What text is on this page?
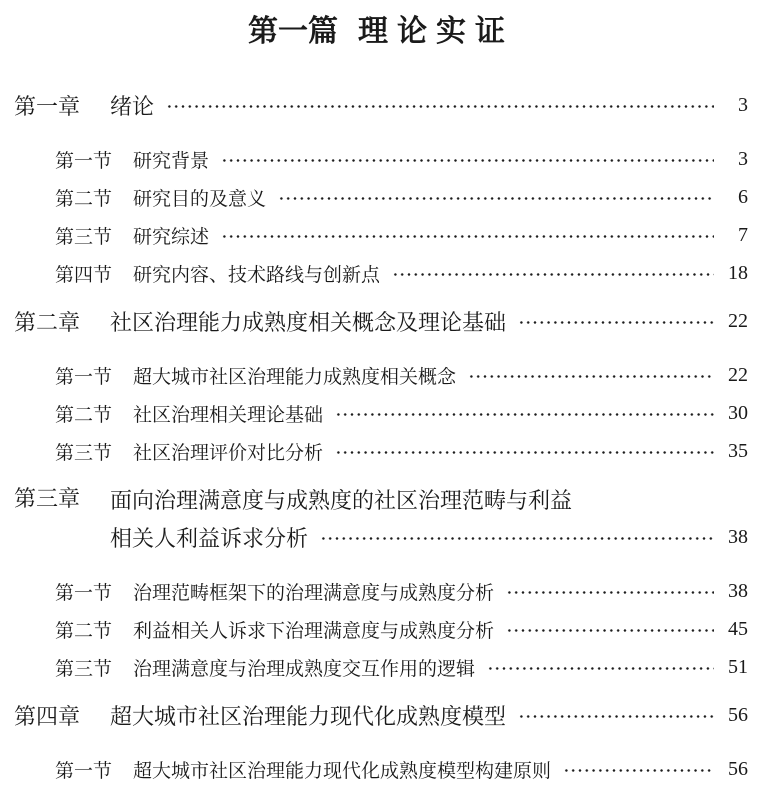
第一篇 理论实证
第一章 绪论	3
第一节 研究背景	3
第二节 研究目的及意义	6
第三节 研究综述	7
第四节 研究内容、技术路线与创新点	18
第二章 社区治理能力成熟度相关概念及理论基础	22
第一节 超大城市社区治理能力成熟度相关概念	22
第二节 社区治理相关理论基础	30
第三节 社区治理评价对比分析	35
第三章 面向治理满意度与成熟度的社区治理范畴与利益
相关人利益诉求分析	38
第一节 治理范畴框架下的治理满意度与成熟度分析	38
第二节 利益相关人诉求下治理满意度与成熟度分析	45
第三节 治理满意度与治理成熟度交互作用的逻辑	51
第四章 超大城市社区治理能力现代化成熟度模型	56
第一节 超大城市社区治理能力现代化成熟度模型构建原则	56
